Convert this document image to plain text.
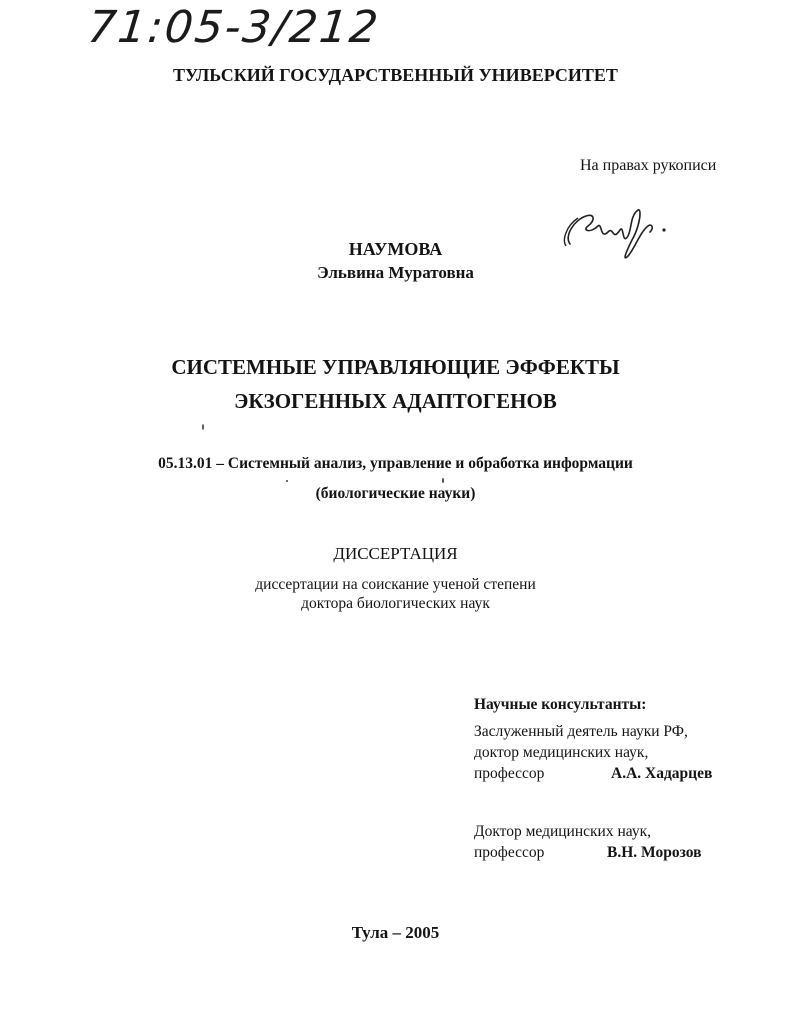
71:05-3/212
ТУЛЬСКИЙ ГОСУДАРСТВЕННЫЙ УНИВЕРСИТЕТ
На правах рукописи
НАУМОВА
Эльвина Муратовна
СИСТЕМНЫЕ УПРАВЛЯЮЩИЕ ЭФФЕКТЫ
ЭКЗОГЕННЫХ АДАПТОГЕНОВ
05.13.01 – Системный анализ, управление и обработка информации
(биологические науки)
ДИССЕРТАЦИЯ
диссертации на соискание ученой степени
доктора биологических наук
Научные консультанты:
Заслуженный деятель науки РФ,
доктор медицинских наук,
профессор	А.А. Хадарцев
Доктор медицинских наук,
профессор	В.Н. Морозов
Тула – 2005
